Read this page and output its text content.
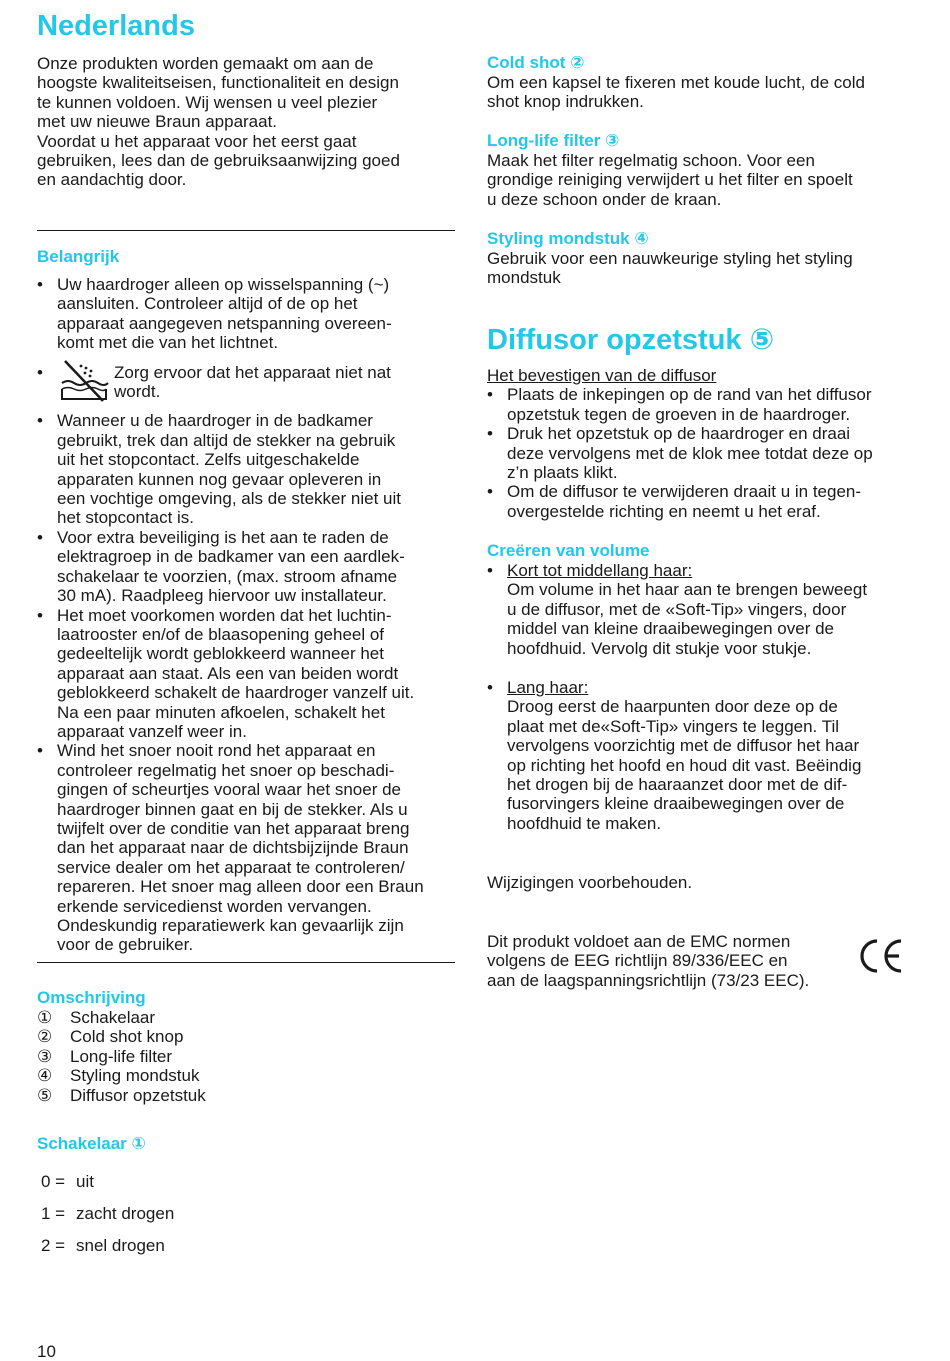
Nederlands
Onze produkten worden gemaakt om aan de
hoogste kwaliteitseisen, functionaliteit en design
te kunnen voldoen. Wij wensen u veel plezier
met uw nieuwe Braun apparaat.
Voordat u het apparaat voor het eerst gaat
gebruiken, lees dan de gebruiksaanwijzing goed
en aandachtig door.
Belangrijk
• Uw haardroger alleen op wisselspanning (~)
aansluiten. Controleer altijd of de op het
apparaat aangegeven netspanning overeen-
komt met die van het lichtnet.
•	Zorg ervoor dat het apparaat niet nat
wordt.
• Wanneer u de haardroger in de badkamer
gebruikt, trek dan altijd de stekker na gebruik
uit het stopcontact. Zelfs uitgeschakelde
apparaten kunnen nog gevaar opleveren in
een vochtige omgeving, als de stekker niet uit
het stopcontact is.
• Voor extra beveiliging is het aan te raden de
elektragroep in de badkamer van een aardlek-
schakelaar te voorzien, (max. stroom afname
30 mA). Raadpleeg hiervoor uw installateur.
• Het moet voorkomen worden dat het luchtin-
laatrooster en/of de blaasopening geheel of
gedeeltelijk wordt geblokkeerd wanneer het
apparaat aan staat. Als een van beiden wordt
geblokkeerd schakelt de haardroger vanzelf uit.
Na een paar minuten afkoelen, schakelt het
apparaat vanzelf weer in.
• Wind het snoer nooit rond het apparaat en
controleer regelmatig het snoer op beschadi-
gingen of scheurtjes vooral waar het snoer de
haardroger binnen gaat en bij de stekker. Als u
twijfelt over de conditie van het apparaat breng
dan het apparaat naar de dichtsbijzijnde Braun
service dealer om het apparaat te controleren/
repareren. Het snoer mag alleen door een Braun
erkende servicedienst worden vervangen.
Ondeskundig reparatiewerk kan gevaarlijk zijn
voor de gebruiker.
Omschrijving
① Schakelaar
② Cold shot knop
③ Long-life filter
④ Styling mondstuk
⑤ Diffusor opzetstuk
Schakelaar ①
0 = uit
1 = zacht drogen
2 = snel drogen
10
Cold shot ②
Om een kapsel te fixeren met koude lucht, de cold
shot knop indrukken.
Long-life filter ③
Maak het filter regelmatig schoon. Voor een
grondige reiniging verwijdert u het filter en spoelt
u deze schoon onder de kraan.
Styling mondstuk ④
Gebruik voor een nauwkeurige styling het styling
mondstuk
Diffusor opzetstuk ⑤
Het bevestigen van de diffusor
• Plaats de inkepingen op de rand van het diffusor
opzetstuk tegen de groeven in de haardroger.
• Druk het opzetstuk op de haardroger en draai
deze vervolgens met de klok mee totdat deze op
z’n plaats klikt.
• Om de diffusor te verwijderen draait u in tegen-
overgestelde richting en neemt u het eraf.
Creëren van volume
• Kort tot middellang haar:
Om volume in het haar aan te brengen beweegt
u de diffusor, met de «Soft-Tip» vingers, door
middel van kleine draaibewegingen over de
hoofdhuid. Vervolg dit stukje voor stukje.
• Lang haar:
Droog eerst de haarpunten door deze op de
plaat met de«Soft-Tip» vingers te leggen. Til
vervolgens voorzichtig met de diffusor het haar
op richting het hoofd en houd dit vast. Beëindig
het drogen bij de haaraanzet door met de dif-
fusorvingers kleine draaibewegingen over de
hoofdhuid te maken.
Wijzigingen voorbehouden.
Dit produkt voldoet aan de EMC normen
volgens de EEG richtlijn 89/336/EEC en
aan de laagspanningsrichtlijn (73/23 EEC).
